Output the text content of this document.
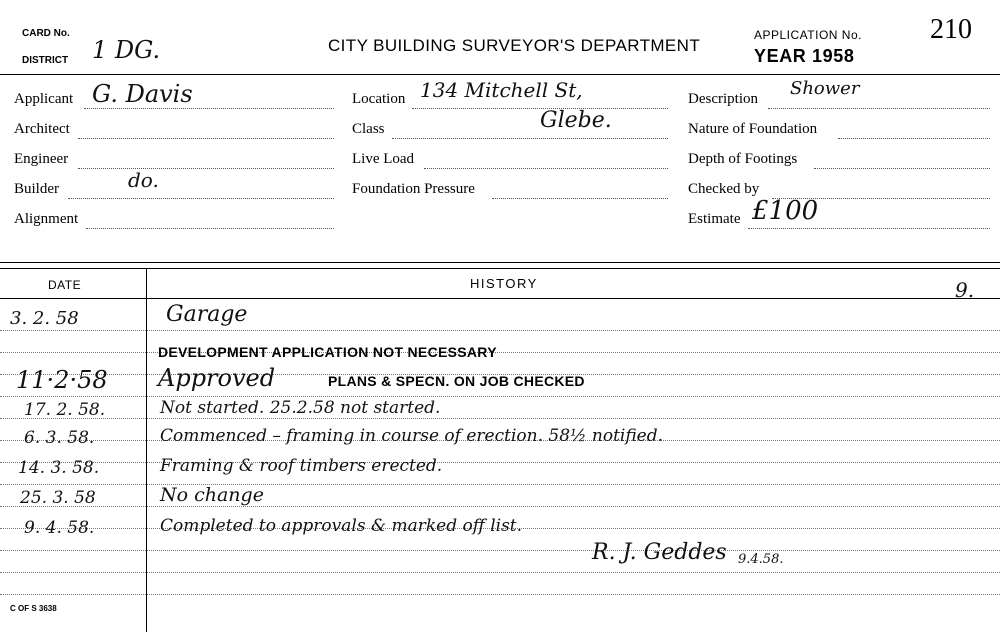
CARD No.
DISTRICT 1 DG.	CITY BUILDING SURVEYOR'S DEPARTMENT
APPLICATION No. 210
YEAR 1958
Applicant G. Davis
Architect
Engineer
Builder	do.
Alignment
Location 134 Mitchell St,
Class	Glebe.
Live Load
Foundation Pressure
Description Shower
Nature of Foundation
Depth of Footings
Checked by
Estimate £100
DATE	HISTORY	9.
3. 2. 58	Garage
DEVELOPMENT APPLICATION NOT NECESSARY
11·2·58 Approved	PLANS & SPECN. ON JOB CHECKED
17. 2. 58.	Not started. 25.2.58 not started.
6. 3. 58.	Commenced – framing in course of erection. 58½ notified.
14. 3. 58.	Framing & roof timbers erected.
25. 3. 58	No change
9. 4. 58.	Completed to approvals & marked off list.
R. J. Geddes 9.4.58.
C OF S 3638
